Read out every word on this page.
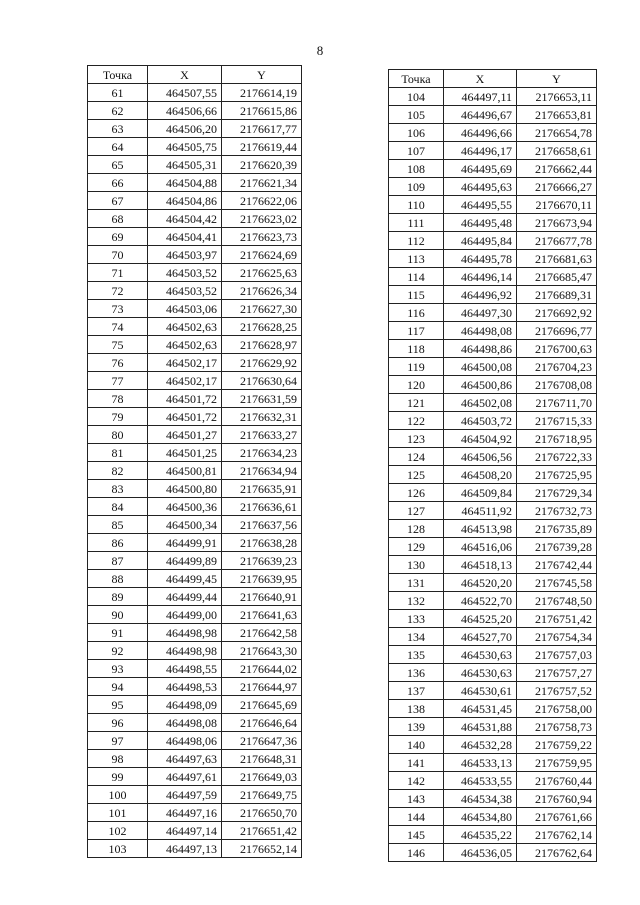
8
Точка	X	Y
61	464507,55	2176614,19
62	464506,66	2176615,86
63	464506,20	2176617,77
64	464505,75	2176619,44
65	464505,31	2176620,39
66	464504,88	2176621,34
67	464504,86	2176622,06
68	464504,42	2176623,02
69	464504,41	2176623,73
70	464503,97	2176624,69
71	464503,52	2176625,63
72	464503,52	2176626,34
73	464503,06	2176627,30
74	464502,63	2176628,25
75	464502,63	2176628,97
76	464502,17	2176629,92
77	464502,17	2176630,64
78	464501,72	2176631,59
79	464501,72	2176632,31
80	464501,27	2176633,27
81	464501,25	2176634,23
82	464500,81	2176634,94
83	464500,80	2176635,91
84	464500,36	2176636,61
85	464500,34	2176637,56
86	464499,91	2176638,28
87	464499,89	2176639,23
88	464499,45	2176639,95
89	464499,44	2176640,91
90	464499,00	2176641,63
91	464498,98	2176642,58
92	464498,98	2176643,30
93	464498,55	2176644,02
94	464498,53	2176644,97
95	464498,09	2176645,69
96	464498,08	2176646,64
97	464498,06	2176647,36
98	464497,63	2176648,31
99	464497,61	2176649,03
100	464497,59	2176649,75
101	464497,16	2176650,70
102	464497,14	2176651,42
103	464497,13	2176652,14
Точка	X	Y
104	464497,11	2176653,11
105	464496,67	2176653,81
106	464496,66	2176654,78
107	464496,17	2176658,61
108	464495,69	2176662,44
109	464495,63	2176666,27
110	464495,55	2176670,11
111	464495,48	2176673,94
112	464495,84	2176677,78
113	464495,78	2176681,63
114	464496,14	2176685,47
115	464496,92	2176689,31
116	464497,30	2176692,92
117	464498,08	2176696,77
118	464498,86	2176700,63
119	464500,08	2176704,23
120	464500,86	2176708,08
121	464502,08	2176711,70
122	464503,72	2176715,33
123	464504,92	2176718,95
124	464506,56	2176722,33
125	464508,20	2176725,95
126	464509,84	2176729,34
127	464511,92	2176732,73
128	464513,98	2176735,89
129	464516,06	2176739,28
130	464518,13	2176742,44
131	464520,20	2176745,58
132	464522,70	2176748,50
133	464525,20	2176751,42
134	464527,70	2176754,34
135	464530,63	2176757,03
136	464530,63	2176757,27
137	464530,61	2176757,52
138	464531,45	2176758,00
139	464531,88	2176758,73
140	464532,28	2176759,22
141	464533,13	2176759,95
142	464533,55	2176760,44
143	464534,38	2176760,94
144	464534,80	2176761,66
145	464535,22	2176762,14
146	464536,05	2176762,64
